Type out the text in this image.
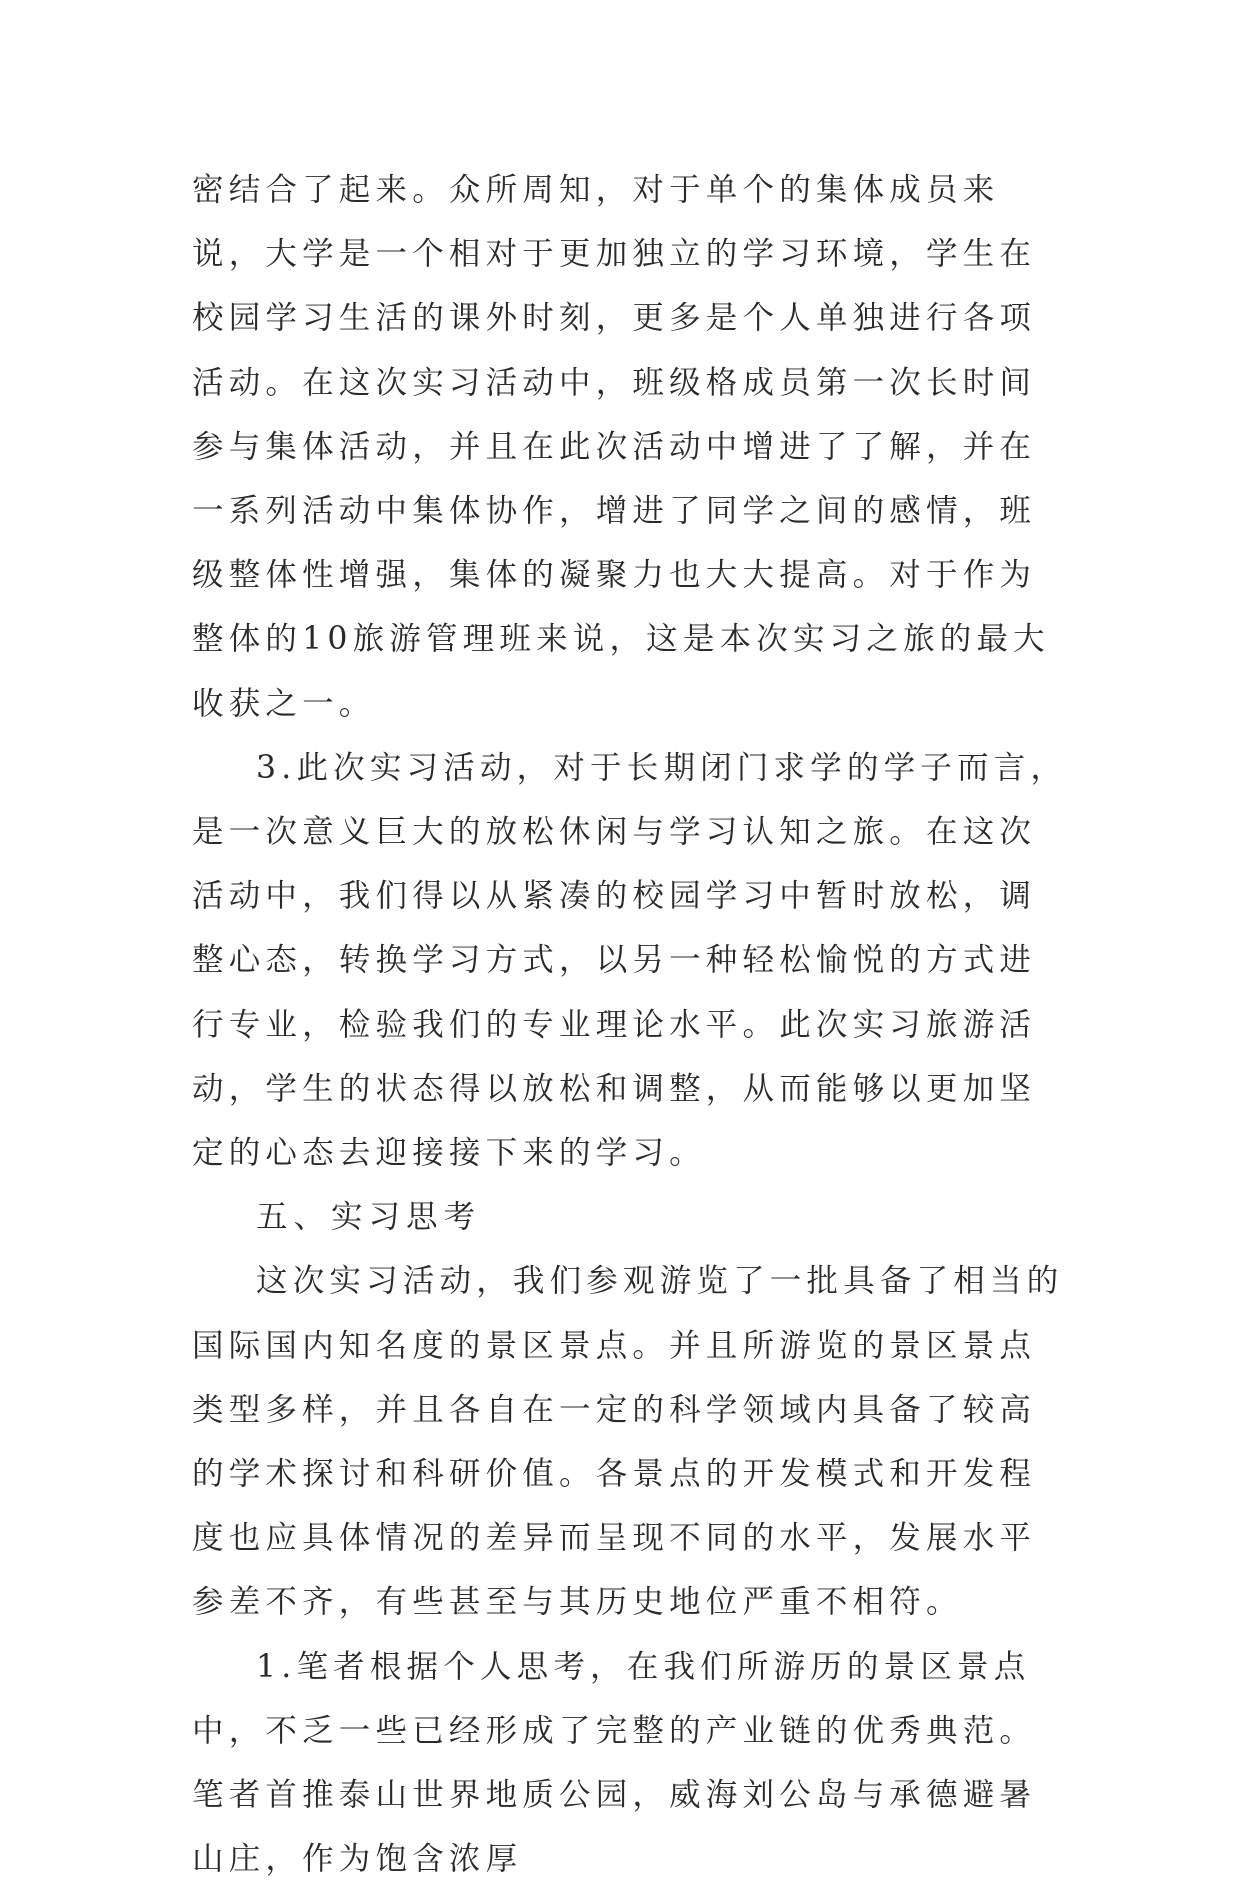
密结合了起来。众所周知，对于单个的集体成员来说，大学是一个相对于更加独立的学习环境，学生在校园学习生活的课外时刻，更多是个人单独进行各项活动。在这次实习活动中，班级格成员第一次长时间参与集体活动，并且在此次活动中增进了了解，并在一系列活动中集体协作，增进了同学之间的感情，班级整体性增强，集体的凝聚力也大大提高。对于作为整体的10旅游管理班来说，这是本次实习之旅的最大收获之一。

3.此次实习活动，对于长期闭门求学的学子而言，是一次意义巨大的放松休闲与学习认知之旅。在这次活动中，我们得以从紧凑的校园学习中暂时放松，调整心态，转换学习方式，以另一种轻松愉悦的方式进行专业，检验我们的专业理论水平。此次实习旅游活动，学生的状态得以放松和调整，从而能够以更加坚定的心态去迎接接下来的学习。

五、实习思考

这次实习活动，我们参观游览了一批具备了相当的国际国内知名度的景区景点。并且所游览的景区景点类型多样，并且各自在一定的科学领域内具备了较高的学术探讨和科研价值。各景点的开发模式和开发程度也应具体情况的差异而呈现不同的水平，发展水平参差不齐，有些甚至与其历史地位严重不相符。

1.笔者根据个人思考，在我们所游历的景区景点中，不乏一些已经形成了完整的产业链的优秀典范。笔者首推泰山世界地质公园，威海刘公岛与承德避暑山庄，作为饱含浓厚
